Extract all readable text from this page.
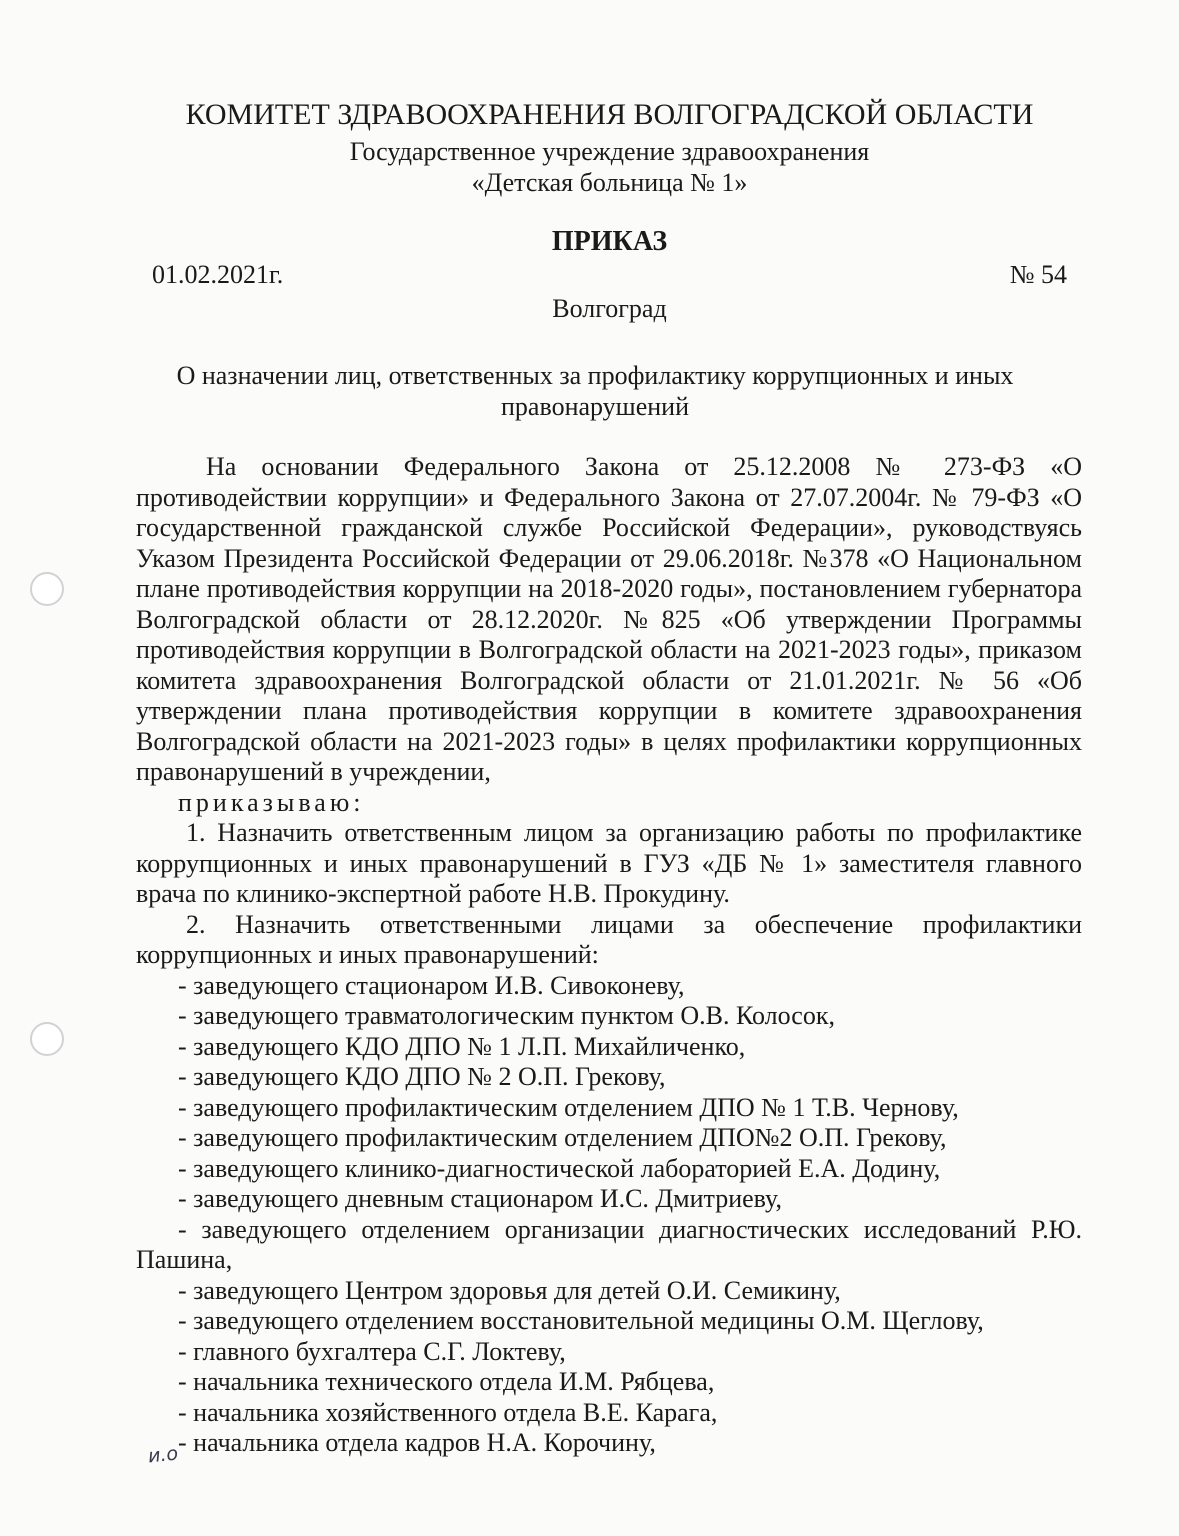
КОМИТЕТ ЗДРАВООХРАНЕНИЯ ВОЛГОГРАДСКОЙ ОБЛАСТИ
Государственное учреждение здравоохранения
«Детская больница № 1»
ПРИКАЗ
01.02.2021г.	№ 54
Волгоград
О назначении лиц, ответственных за профилактику коррупционных и иных правонарушений

На основании Федерального Закона от 25.12.2008 № 273-ФЗ «О противодействии коррупции» и Федерального Закона от 27.07.2004г. № 79-ФЗ «О государственной гражданской службе Российской Федерации», руководствуясь Указом Президента Российской Федерации от 29.06.2018г. №378 «О Национальном плане противодействия коррупции на 2018-2020 годы», постановлением губернатора Волгоградской области от 28.12.2020г. №825 «Об утверждении Программы противодействия коррупции в Волгоградской области на 2021-2023 годы», приказом комитета здравоохранения Волгоградской области от 21.01.2021г. № 56 «Об утверждении плана противодействия коррупции в комитете здравоохранения Волгоградской области на 2021-2023 годы» в целях профилактики коррупционных правонарушений в учреждении,

приказываю:

1. Назначить ответственным лицом за организацию работы по профилактике коррупционных и иных правонарушений в ГУЗ «ДБ № 1» заместителя главного врача по клинико-экспертной работе Н.В. Прокудину.

2. Назначить ответственными лицами за обеспечение профилактики коррупционных и иных правонарушений:

- заведующего стационаром И.В. Сивоконеву,

- заведующего травматологическим пунктом О.В. Колосок,

- заведующего КДО ДПО № 1 Л.П. Михайличенко,

- заведующего КДО ДПО № 2 О.П. Грекову,

- заведующего профилактическим отделением ДПО № 1 Т.В. Чернову,

- заведующего профилактическим отделением ДПО№2 О.П. Грекову,

- заведующего клинико-диагностической лабораторией Е.А. Додину,

- заведующего дневным стационаром И.С. Дмитриеву,

- заведующего отделением организации диагностических исследований Р.Ю. Пашина,

- заведующего Центром здоровья для детей О.И. Семикину,

- заведующего отделением восстановительной медицины О.М. Щеглову,

- главного бухгалтера С.Г. Локтеву,

- начальника технического отдела И.М. Рябцева,

- начальника хозяйственного отдела В.Е. Карага,

- начальника отдела кадров Н.А. Корочину,

и.о
